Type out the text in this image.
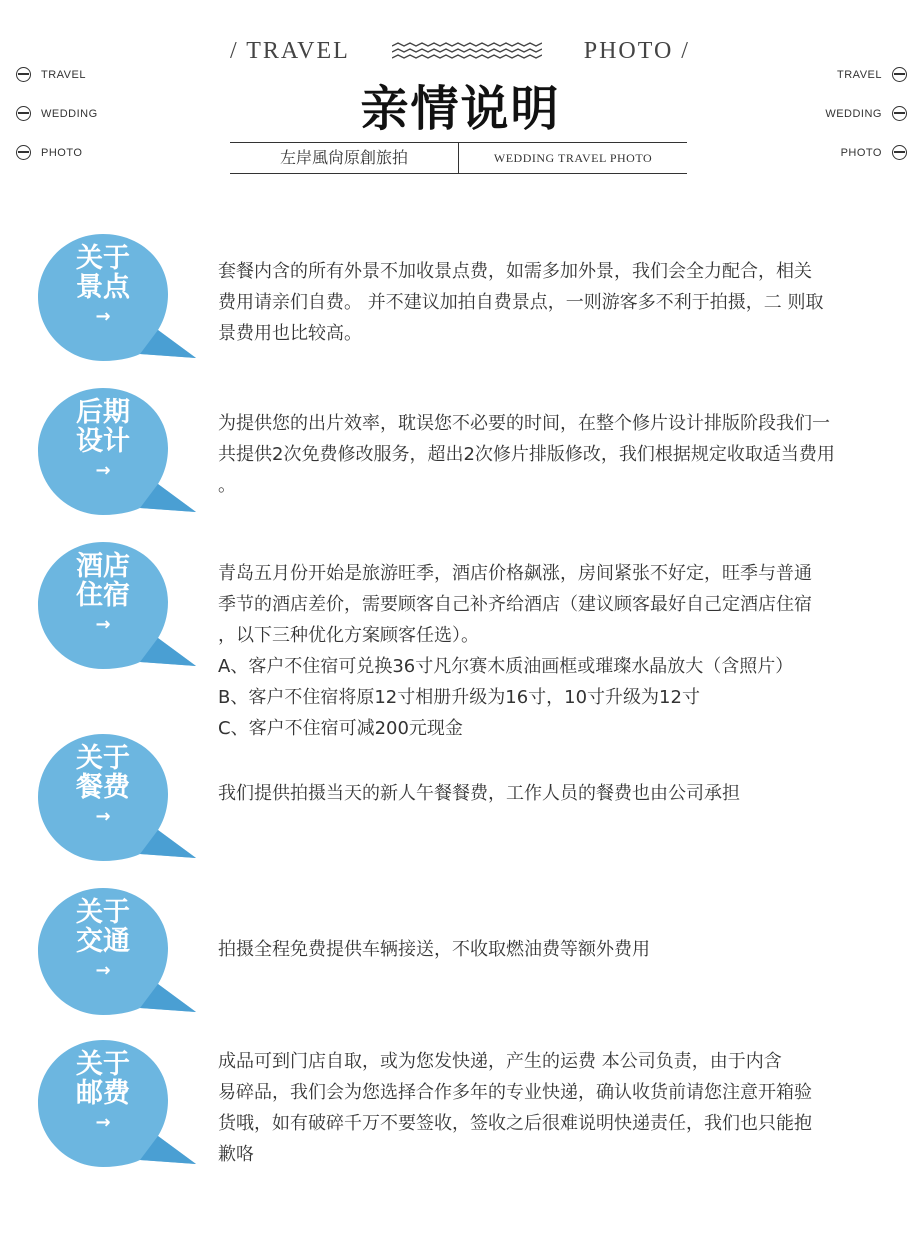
TRAVEL
WEDDING
PHOTO
TRAVEL
WEDDING
PHOTO
/ TRAVEL	PHOTO /
亲情说明
左岸風尙原創旅拍	WEDDING TRAVEL PHOTO
关于
景点
→
套餐内含的所有外景不加收景点费，如需多加外景，我们会全力配合，相关
费用请亲们自费。 并不建议加拍自费景点，一则游客多不利于拍摄，二 则取
景费用也比较高。
后期
设计
→
为提供您的出片效率，耽误您不必要的时间，在整个修片设计排版阶段我们一
共提供2次免费修改服务，超出2次修片排版修改，我们根据规定收取适当费用
。
酒店
住宿
→
青岛五月份开始是旅游旺季，酒店价格飙涨，房间紧张不好定，旺季与普通
季节的酒店差价，需要顾客自己补齐给酒店（建议顾客最好自己定酒店住宿
，以下三种优化方案顾客任选）。
A、客户不住宿可兑换36寸凡尔赛木质油画框或璀璨水晶放大（含照片）
B、客户不住宿将原12寸相册升级为16寸，10寸升级为12寸
C、客户不住宿可减200元现金
关于
餐费
→
我们提供拍摄当天的新人午餐餐费，工作人员的餐费也由公司承担
关于
交通
→
拍摄全程免费提供车辆接送，不收取燃油费等额外费用
关于
邮费
→
成品可到门店自取，或为您发快递，产生的运费 本公司负责，由于内含
易碎品，我们会为您选择合作多年的专业快递，确认收货前请您注意开箱验
货哦，如有破碎千万不要签收，签收之后很难说明快递责任，我们也只能抱
歉咯
